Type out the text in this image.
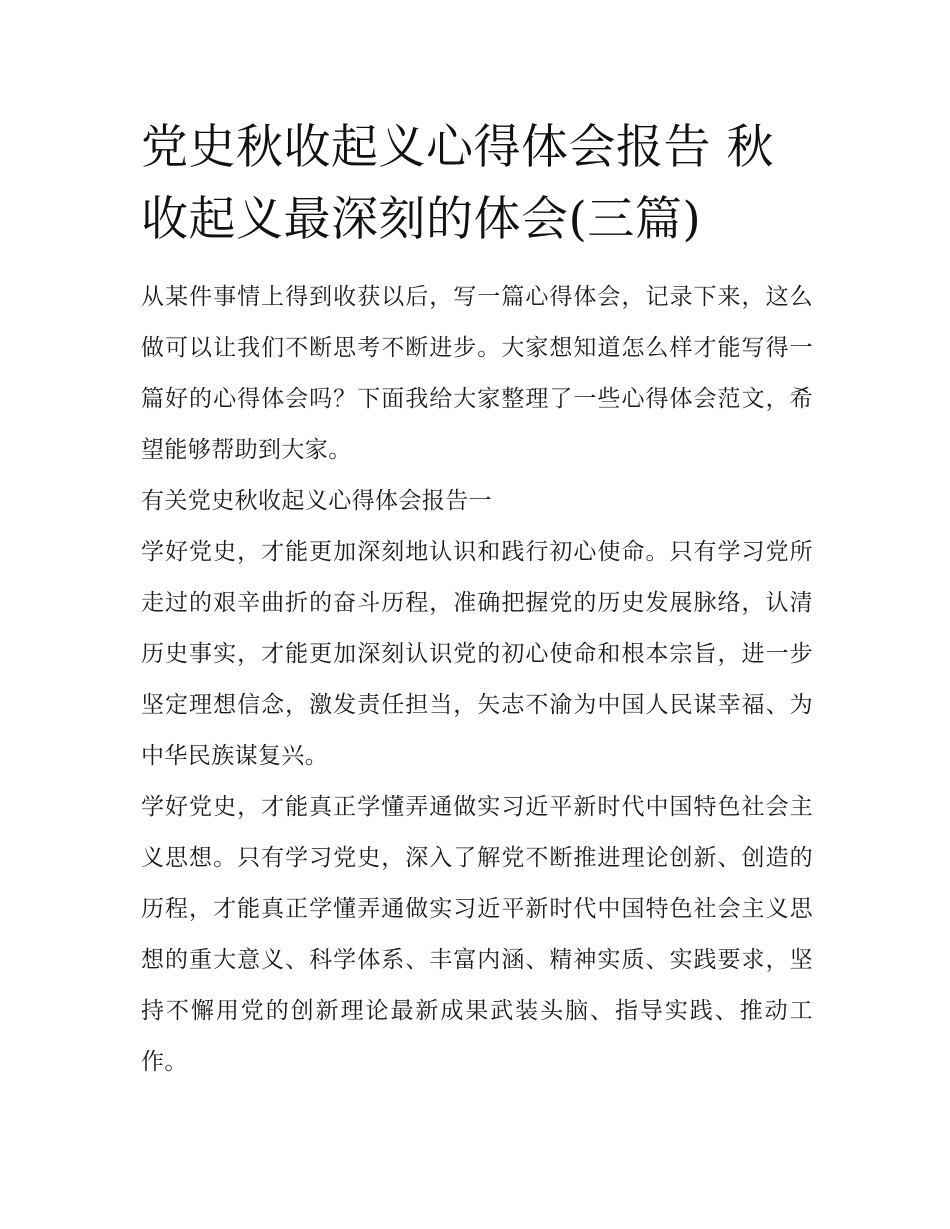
党史秋收起义心得体会报告 秋收起义最深刻的体会(三篇)

从某件事情上得到收获以后，写一篇心得体会，记录下来，这么做可以让我们不断思考不断进步。大家想知道怎么样才能写得一篇好的心得体会吗？下面我给大家整理了一些心得体会范文，希望能够帮助到大家。

有关党史秋收起义心得体会报告一

学好党史，才能更加深刻地认识和践行初心使命。只有学习党所走过的艰辛曲折的奋斗历程，准确把握党的历史发展脉络，认清历史事实，才能更加深刻认识党的初心使命和根本宗旨，进一步坚定理想信念，激发责任担当，矢志不渝为中国人民谋幸福、为中华民族谋复兴。

学好党史，才能真正学懂弄通做实习近平新时代中国特色社会主义思想。只有学习党史，深入了解党不断推进理论创新、创造的历程，才能真正学懂弄通做实习近平新时代中国特色社会主义思想的重大意义、科学体系、丰富内涵、精神实质、实践要求，坚持不懈用党的创新理论最新成果武装头脑、指导实践、推动工作。
